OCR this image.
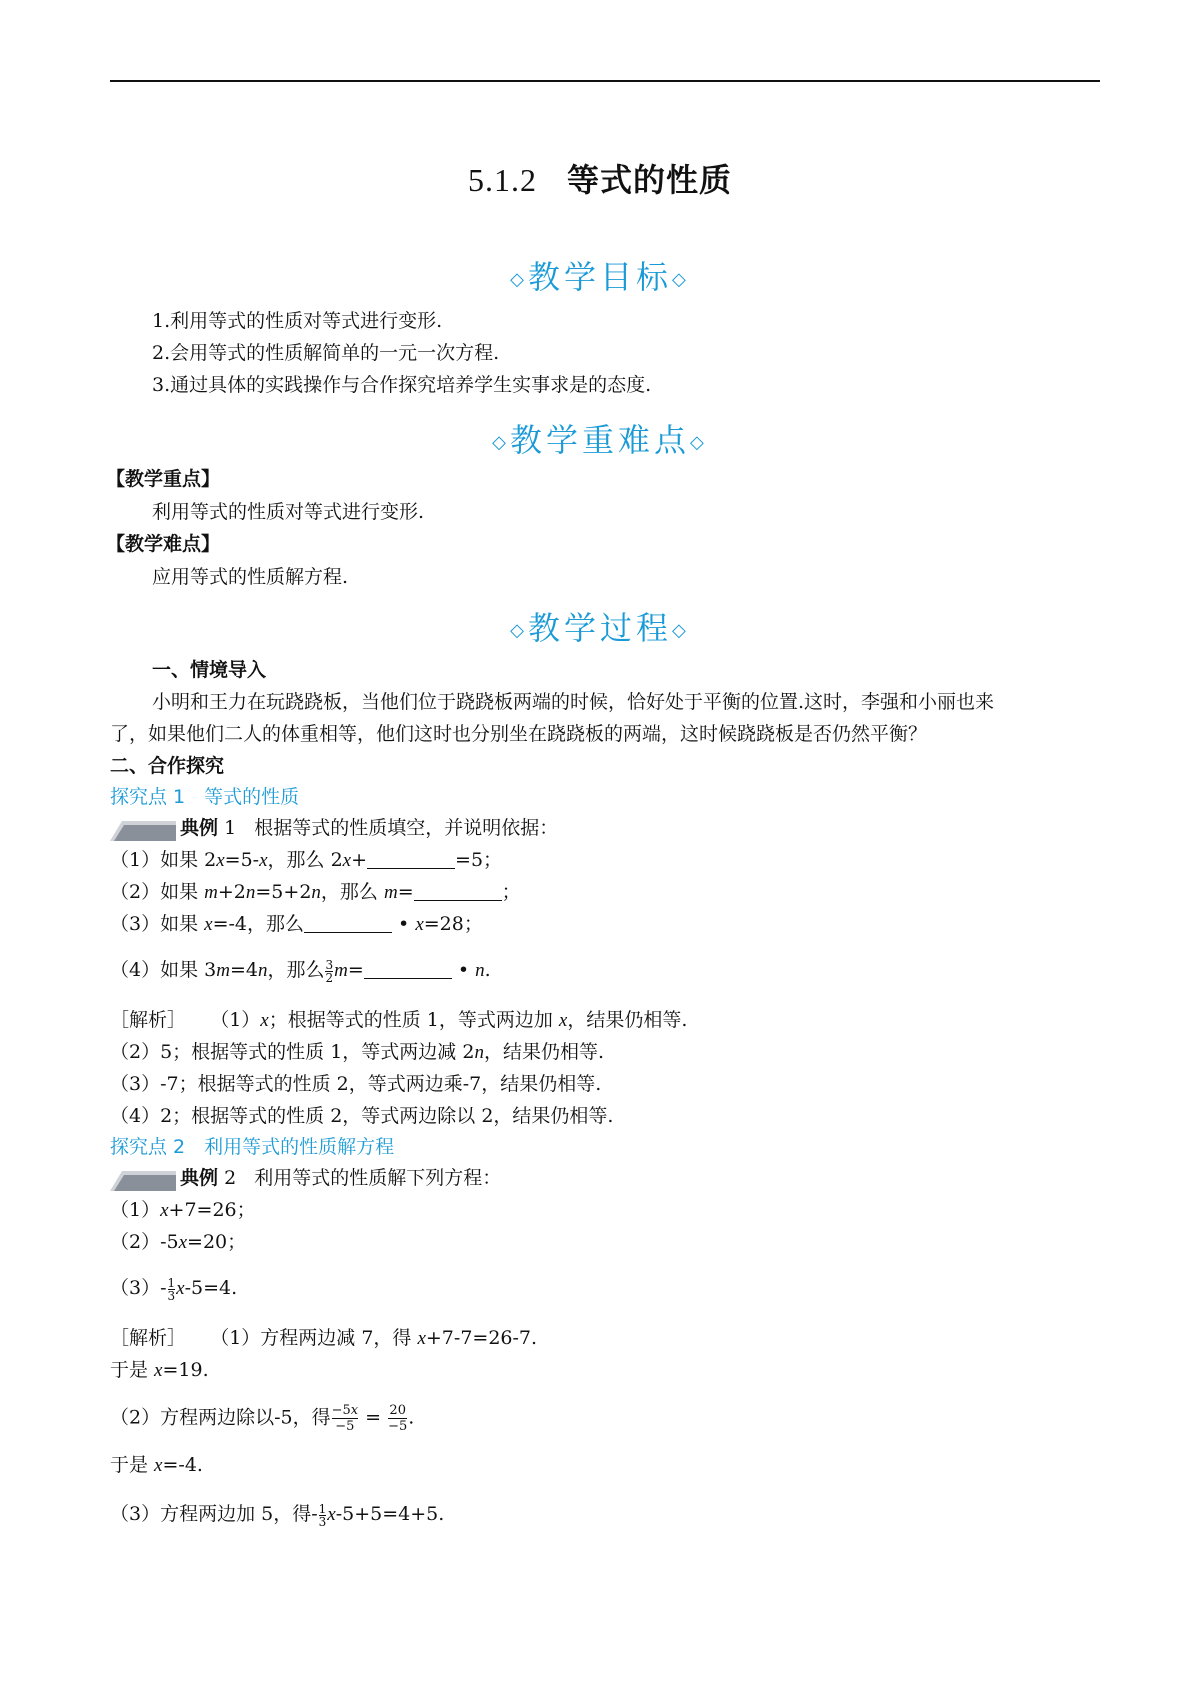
5.1.2 等式的性质
◇教学目标◇
1.利用等式的性质对等式进行变形.
2.会用等式的性质解简单的一元一次方程.
3.通过具体的实践操作与合作探究培养学生实事求是的态度.
◇教学重难点◇
【教学重点】
利用等式的性质对等式进行变形.
【教学难点】
应用等式的性质解方程.
◇教学过程◇
一、情境导入
小明和王力在玩跷跷板，当他们位于跷跷板两端的时候，恰好处于平衡的位置.这时，李强和小丽也来
了，如果他们二人的体重相等，他们这时也分别坐在跷跷板的两端，这时候跷跷板是否仍然平衡？
二、合作探究
探究点 1　等式的性质
典例 1 根据等式的性质填空，并说明依据：
（1）如果 2x=5-x，那么 2x+	=5；
（2）如果 m+2n=5+2n，那么 m=	；
（3）如果 x=-4，那么	• x=28；
（4）如果 3m=4n，那么 $\frac{3}{2} m=$	• n.
［解析］ （1）x；根据等式的性质 1，等式两边加 x，结果仍相等.
（2）5；根据等式的性质 1，等式两边减 2n，结果仍相等.
（3）-7；根据等式的性质 2，等式两边乘-7，结果仍相等.
（4）2；根据等式的性质 2，等式两边除以 2，结果仍相等.
探究点 2　利用等式的性质解方程
典例 2 利用等式的性质解下列方程：
（1）x+7=26；
（2）-5x=20；
$(3)- \frac{1}{3} x-5=4$.
［解析］ （1）方程两边减 7，得 x+7-7=26-7.
于是 x=19.
（2）方程两边除以-5，得 $\frac{\text{−5𝑥}}{-5} = \frac{20}{-5}$ .
于是 x=-4.
（3）方程两边加 5，得- $\frac{1}{3} x-5+5=4+5$.
